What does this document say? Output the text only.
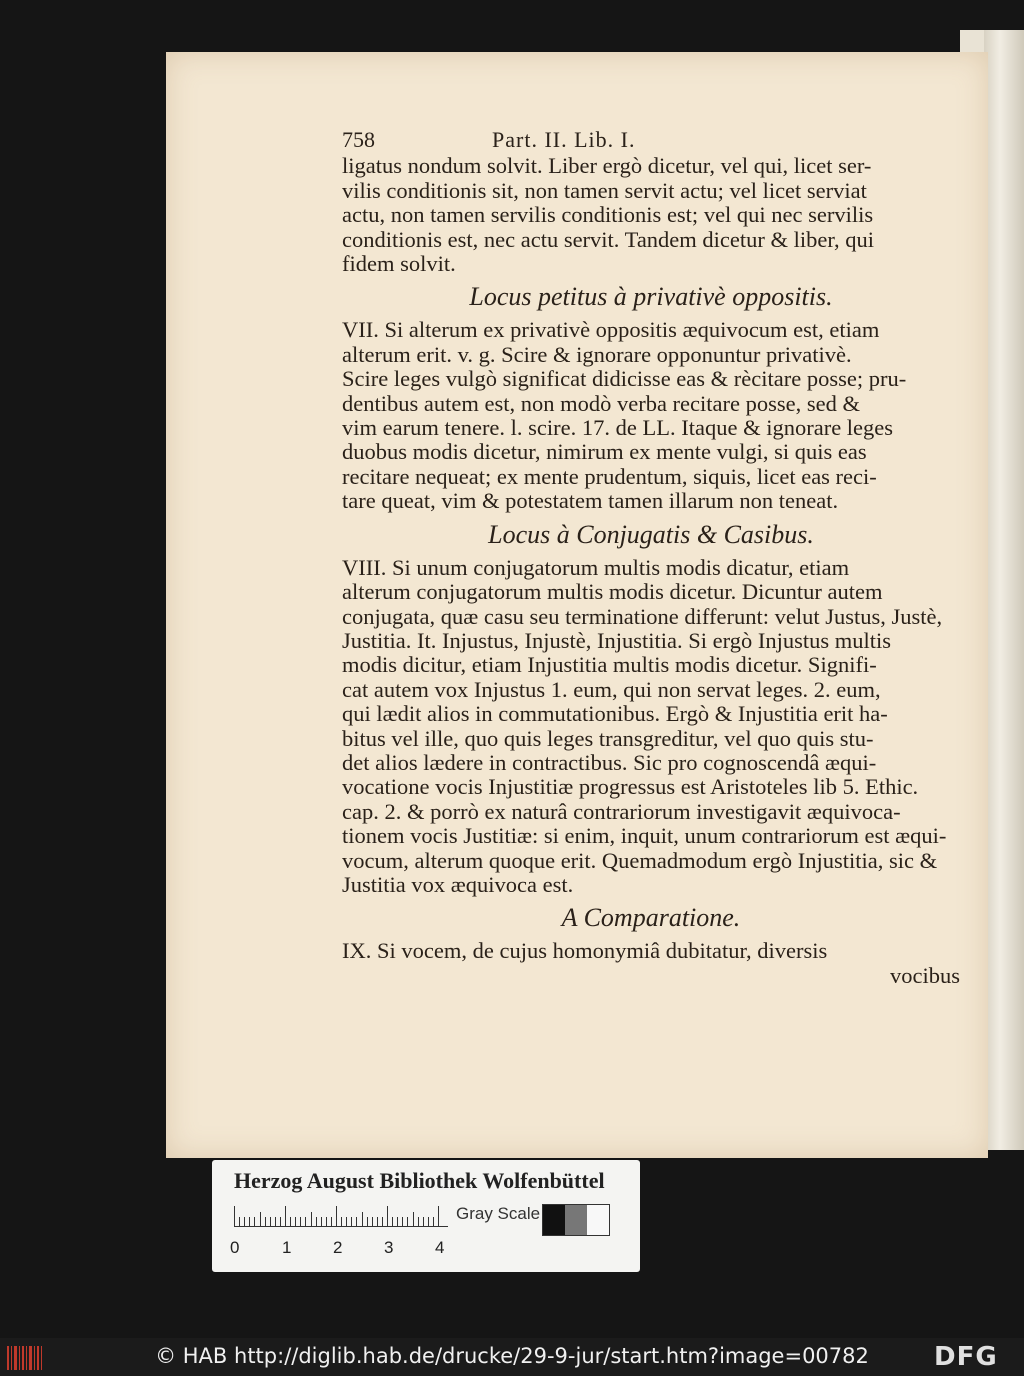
758	Part. II. Lib. I.
ligatus nondum solvit. Liber ergò dicetur, vel qui, licet ser-
vilis conditionis sit, non tamen servit actu; vel licet serviat
actu, non tamen servilis conditionis est; vel qui nec servilis
conditionis est, nec actu servit. Tandem dicetur & liber, qui
fidem solvit.
Locus petitus à privativè oppositis.
VII. Si alterum ex privativè oppositis æquivocum est, etiam
alterum erit. v. g. Scire & ignorare opponuntur privativè.
Scire leges vulgò significat didicisse eas & rècitare posse; pru-
dentibus autem est, non modò verba recitare posse, sed &
vim earum tenere. l. scire. 17. de LL. Itaque & ignorare leges
duobus modis dicetur, nimirum ex mente vulgi, si quis eas
recitare nequeat; ex mente prudentum, siquis, licet eas reci-
tare queat, vim & potestatem tamen illarum non teneat.
Locus à Conjugatis & Casibus.
VIII. Si unum conjugatorum multis modis dicatur, etiam
alterum conjugatorum multis modis dicetur. Dicuntur autem
conjugata, quæ casu seu terminatione differunt: velut Justus, Justè,
Justitia. It. Injustus, Injustè, Injustitia. Si ergò Injustus multis
modis dicitur, etiam Injustitia multis modis dicetur. Signifi-
cat autem vox Injustus 1. eum, qui non servat leges. 2. eum,
qui lædit alios in commutationibus. Ergò & Injustitia erit ha-
bitus vel ille, quo quis leges transgreditur, vel quo quis stu-
det alios lædere in contractibus. Sic pro cognoscendâ æqui-
vocatione vocis Injustitiæ progressus est Aristoteles lib 5. Ethic.
cap. 2. & porrò ex naturâ contrariorum investigavit æquivoca-
tionem vocis Justitiæ: si enim, inquit, unum contrariorum est æqui-
vocum, alterum quoque erit. Quemadmodum ergò Injustitia, sic &
Justitia vox æquivoca est.
A Comparatione.
IX. Si vocem, de cujus homonymiâ dubitatur, diversis
vocibus
Herzog August Bibliothek Wolfenbüttel
0	1 2 3 4
Gray Scale
© HAB http://diglib.hab.de/drucke/29-9-jur/start.htm?image=00782	DFG
